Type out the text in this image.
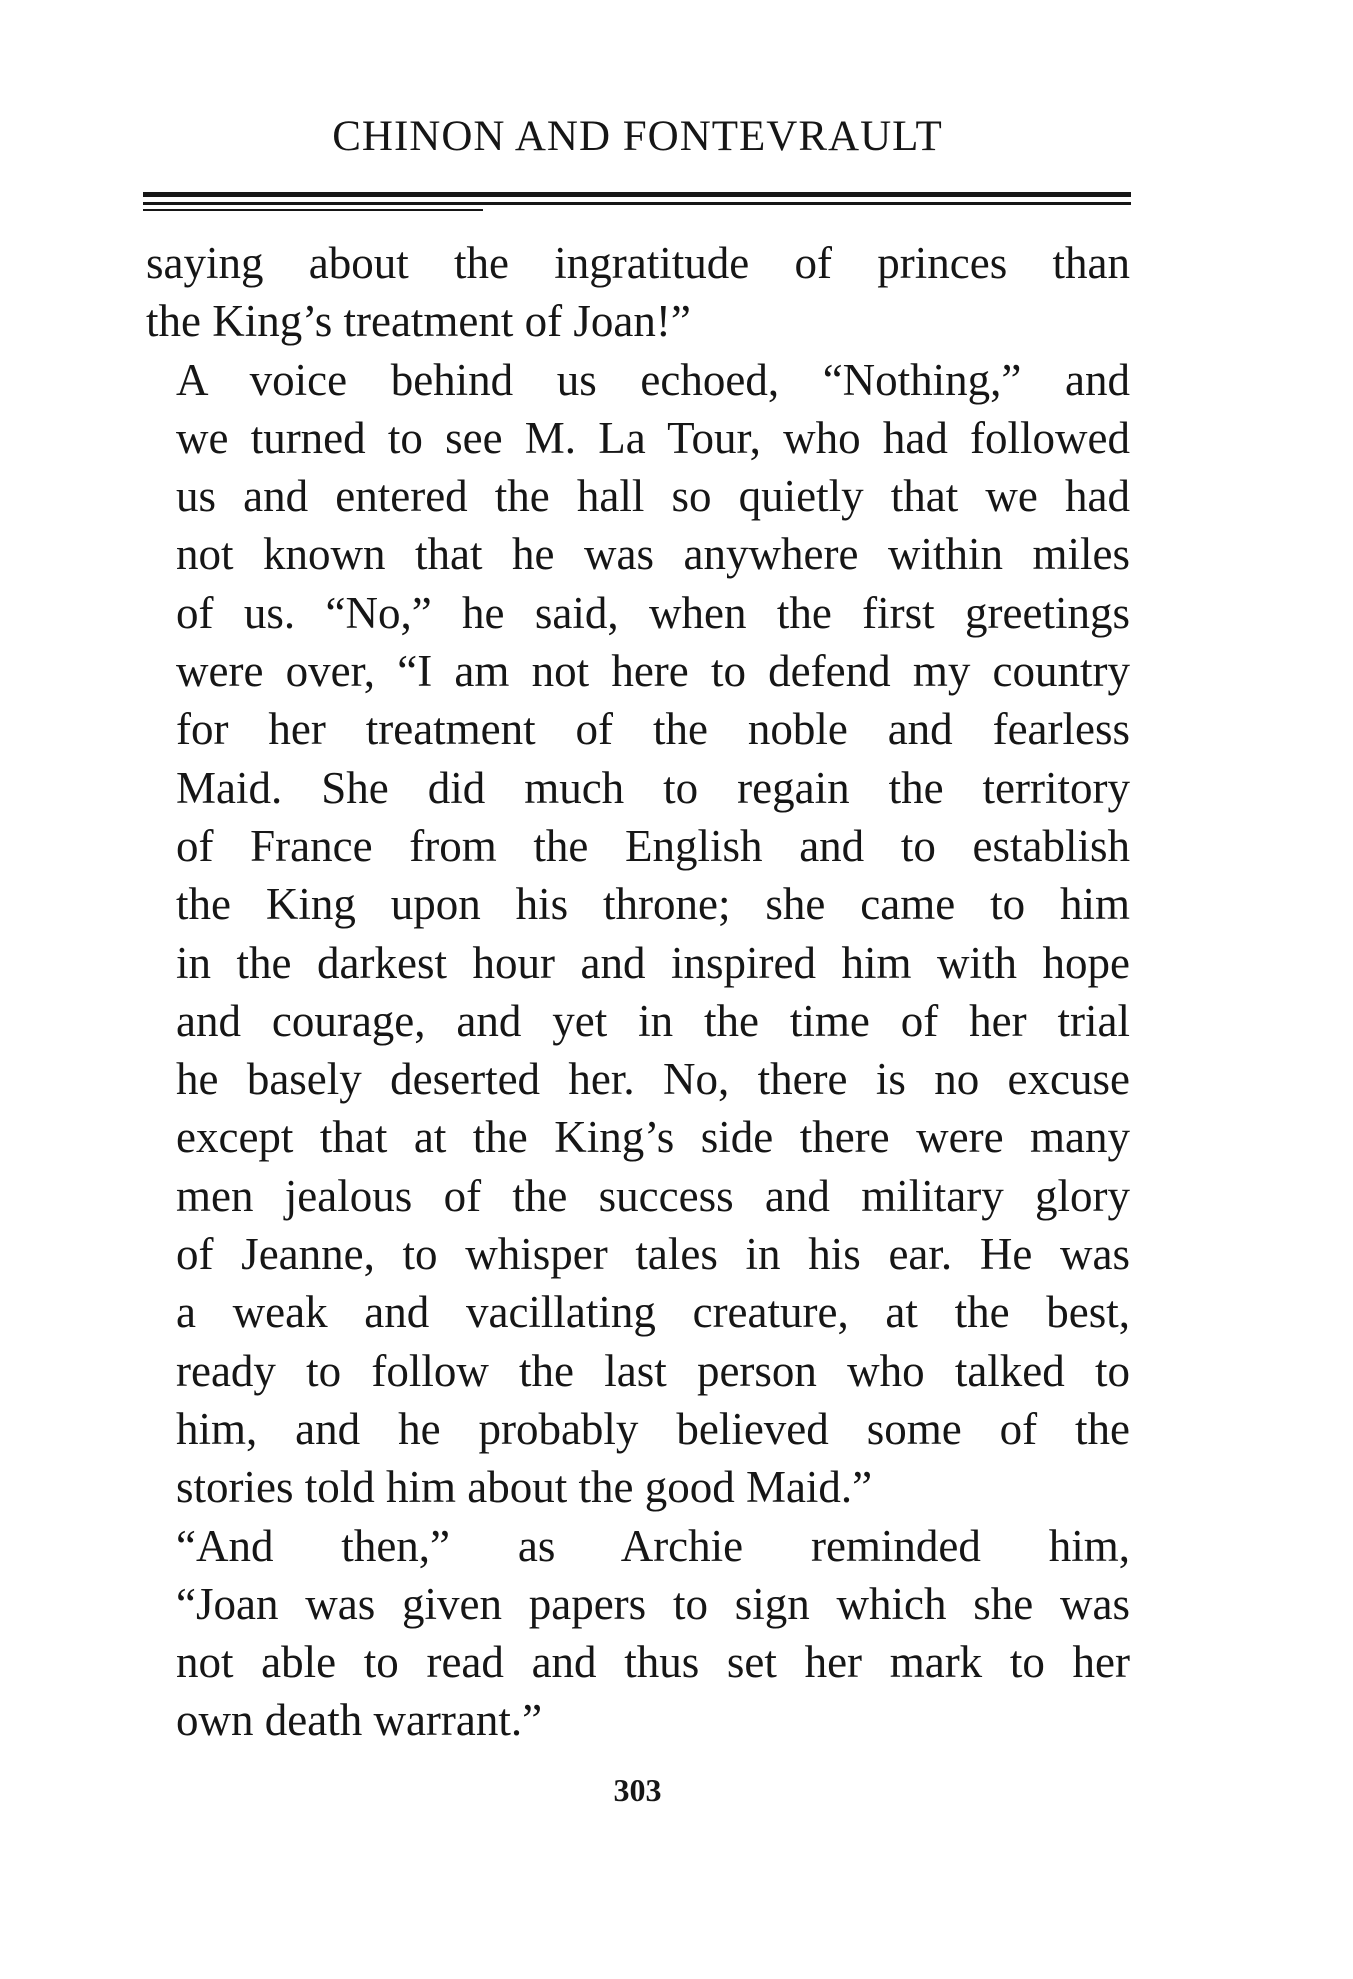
CHINON AND FONTEVRAULT

saying about the ingratitude of princes than
the King’s treatment of Joan!”

A voice behind us echoed, “Nothing,” and
we turned to see M. La Tour, who had followed
us and entered the hall so quietly that we had
not known that he was anywhere within miles
of us. “No,” he said, when the first greetings
were over, “I am not here to defend my country
for her treatment of the noble and fearless
Maid. She did much to regain the territory
of France from the English and to establish
the King upon his throne; she came to him
in the darkest hour and inspired him with hope
and courage, and yet in the time of her trial
he basely deserted her. No, there is no excuse
except that at the King’s side there were many
men jealous of the success and military glory
of Jeanne, to whisper tales in his ear. He was
a weak and vacillating creature, at the best,
ready to follow the last person who talked to
him, and he probably believed some of the
stories told him about the good Maid.”

“And then,” as Archie reminded him,
“Joan was given papers to sign which she was
not able to read and thus set her mark to her
own death warrant.”

303
